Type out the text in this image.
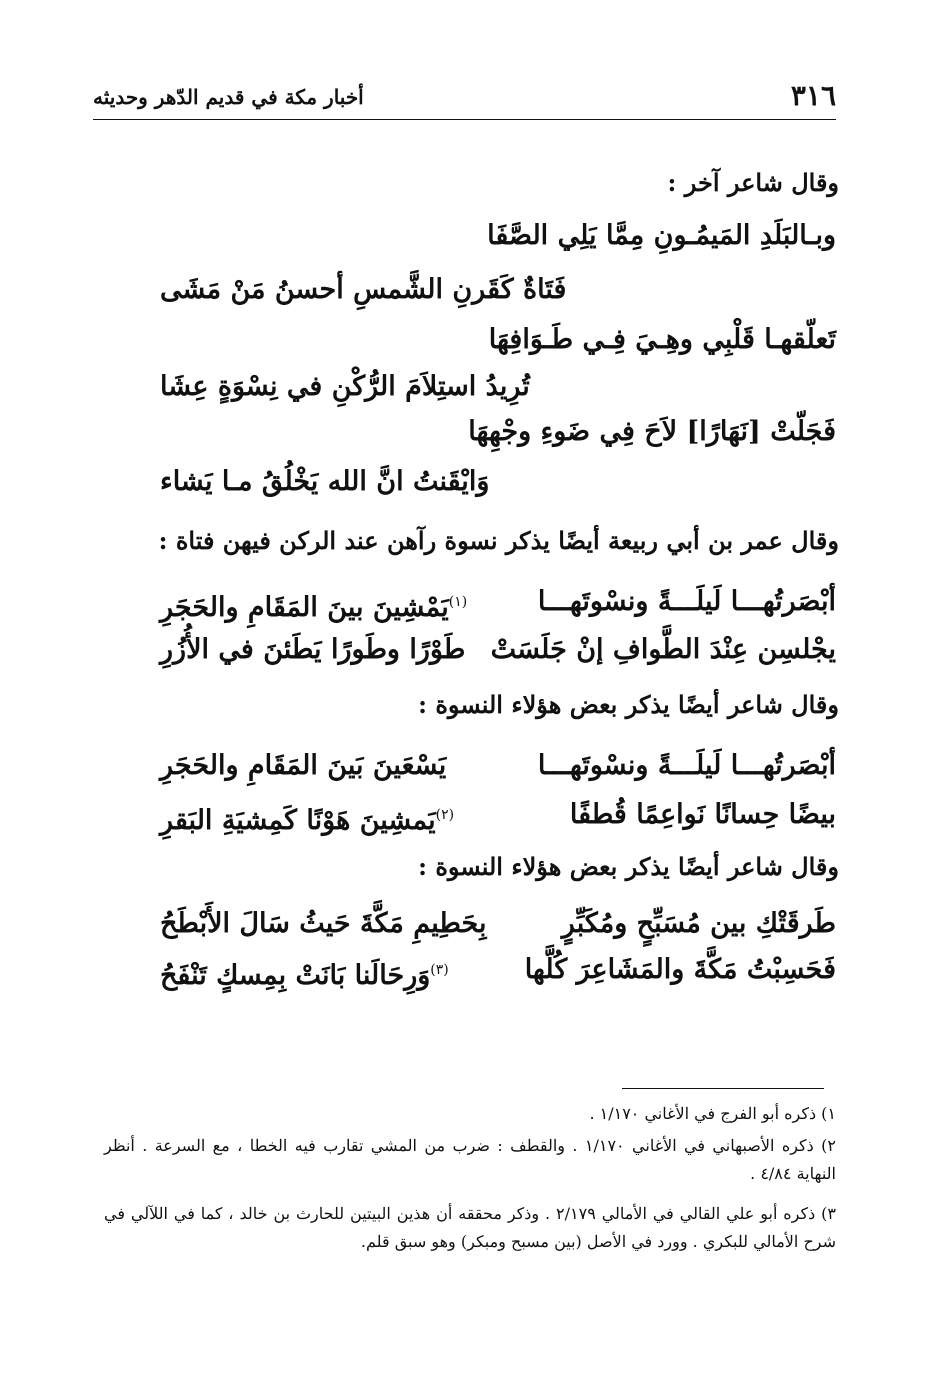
٣١٦
أخبار مكة في قديم الدّهر وحديثه
وقال شاعر آخر :
وبـالبَلَدِ المَيمُـونِ مِمَّا يَلِي الصَّفَا
فَتَاةٌ كَقَرنِ الشَّمسِ أحسنُ مَنْ مَشَى
تَعلّقهـا قَلْبِي وهِـيَ فِـي طَـوَافِهَا
تُرِيدُ استِلاَمَ الرُّكْنِ في نِسْوَةٍ عِشَا
فَجَلّتْ [نَهَارًا] لاَحَ فِي ضَوءِ وجْهِهَا
وَايْقَنتُ انَّ الله يَخْلُقُ مـا يَشاء
وقال عمر بن أبي ربيعة أيضًا يذكر نسوة رآهن عند الركن فيهن فتاة :
أبْصَرتُهـــا لَيلَـــةً ونسْوتَهـــا
$^{(١)}$يَمْشِينَ بينَ المَقَامِ والحَجَرِ
يجْلسِن عِنْدَ الطَّوافِ إنْ جَلَسَتْ
طَوْرًا وطَورًا يَطَئنَ في الأُزُرِ
وقال شاعر أيضًا يذكر بعض هؤلاء النسوة :
أبْصَرتُهـــا لَيلَـــةً ونسْوتَهـــا
يَسْعَينَ بَينَ المَقَامِ والحَجَرِ
بيضًا حِسانًا نَواعِمًا قُطفًا
$^{(٢)}$يَمشِينَ هَوْنًا كَمِشيَةِ البَقرِ
وقال شاعر أيضًا يذكر بعض هؤلاء النسوة :
طَرقَتْكِ بين مُسَبِّحٍ ومُكَبِّرٍ
بِحَطِيمِ مَكَّةَ حَيثُ سَالَ الأَبْطَحُ
فَحَسِبْتُ مَكَّةَ والمَشَاعِرَ كُلَّها
$^{(٣)}$وَرِحَالَنا بَانَتْ بِمِسكٍ تَنْفَحُ
١) ذكره أبو الفرج في الأغاني ١/١٧٠ .
٢) ذكره الأصبهاني في الأغاني ١/١٧٠ . والقطف : ضرب من المشي تقارب فيه الخطا ، مع السرعة . أنظر النهاية ٤/٨٤ .
٣) ذكره أبو علي القالي في الأمالي ٢/١٧٩ . وذكر محققه أن هذين البيتين للحارث بن خالد ، كما في اللآلي في شرح الأمالي للبكري . وورد في الأصل (بين مسبح ومبكر) وهو سبق قلم.
